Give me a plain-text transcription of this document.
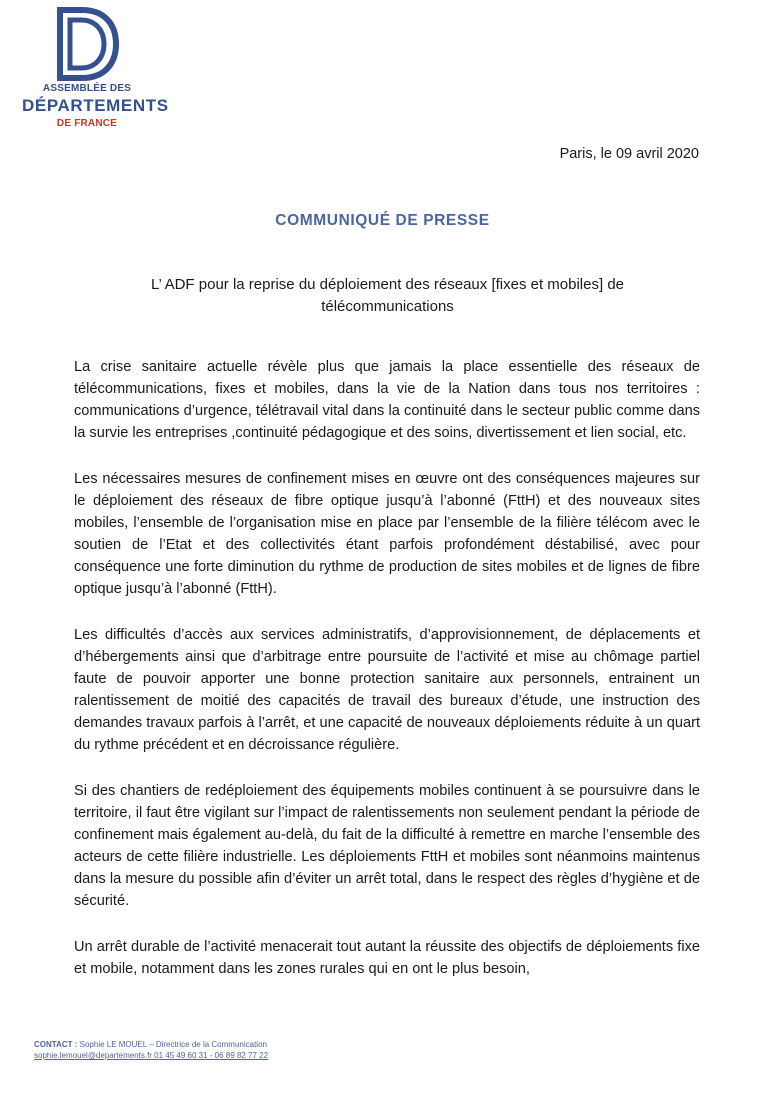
ASSEMBLÉE DES
DÉPARTEMENTS
DE FRANCE
Paris, le 09 avril 2020
COMMUNIQUÉ DE PRESSE
L’ ADF pour la reprise du déploiement des réseaux [fixes et mobiles] de
télécommunications

La crise sanitaire actuelle révèle plus que jamais la place essentielle des réseaux de télécommunications, fixes et mobiles, dans la vie de la Nation dans tous nos territoires : communications d’urgence, télétravail vital dans la continuité dans le secteur public comme dans la survie les entreprises ,continuité pédagogique et des soins, divertissement et lien social, etc.

Les nécessaires mesures de confinement mises en œuvre ont des conséquences majeures sur le déploiement des réseaux de fibre optique jusqu’à l’abonné (FttH) et des nouveaux sites mobiles, l’ensemble de l’organisation mise en place par l’ensemble de la filière télécom avec le soutien de l’Etat et des collectivités étant parfois profondément déstabilisé, avec pour conséquence une forte diminution du rythme de production de sites mobiles et de lignes de fibre optique jusqu’à l’abonné (FttH).

Les difficultés d’accès aux services administratifs, d’approvisionnement, de déplacements et d’hébergements ainsi que d’arbitrage entre poursuite de l’activité et mise au chômage partiel faute de pouvoir apporter une bonne protection sanitaire aux personnels, entrainent un ralentissement de moitié des capacités de travail des bureaux d’étude, une instruction des demandes travaux parfois à l’arrêt, et une capacité de nouveaux déploiements réduite à un quart du rythme précédent et en décroissance régulière.

Si des chantiers de redéploiement des équipements mobiles continuent à se poursuivre dans le territoire, il faut être vigilant sur l’impact de ralentissements non seulement pendant la période de confinement mais également au-delà, du fait de la difficulté à remettre en marche l’ensemble des acteurs de cette filière industrielle. Les déploiements FttH et mobiles sont néanmoins maintenus dans la mesure du possible afin d’éviter un arrêt total, dans le respect des règles d’hygiène et de sécurité.

Un arrêt durable de l’activité menacerait tout autant la réussite des objectifs de déploiements fixe et mobile, notamment dans les zones rurales qui en ont le plus besoin,

CONTACT : Sophie LE MOUEL – Directrice de la Communication
sophie.lemouel@departements.fr 01 45 49 60 31 - 06 89 82 77 22
